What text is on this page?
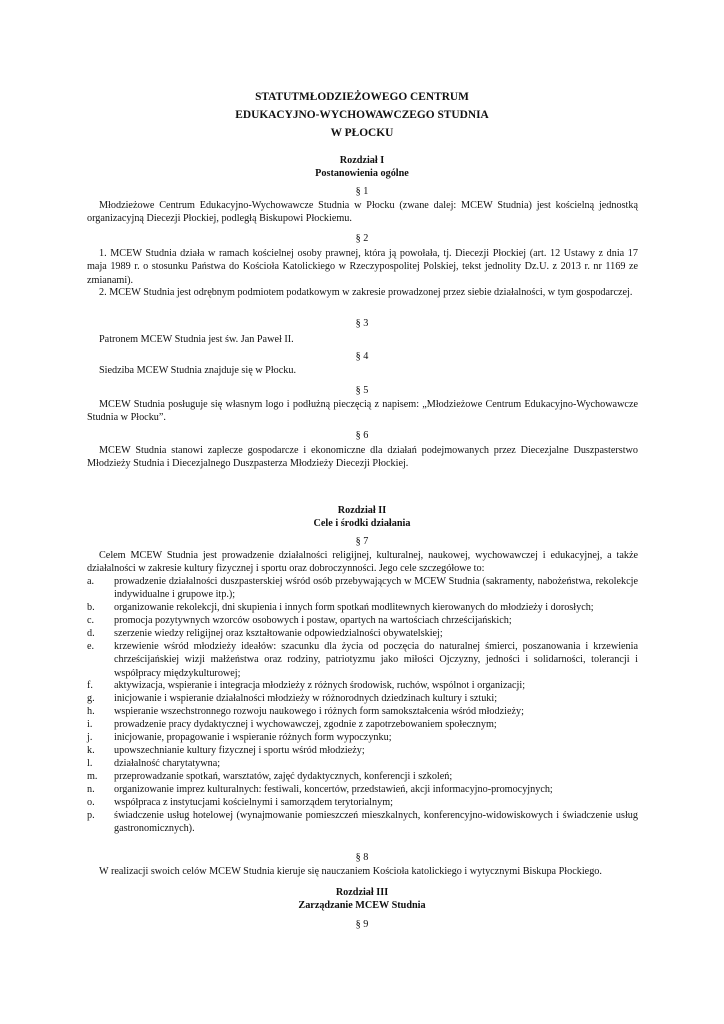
STATUTMŁODZIEŻOWEGO CENTRUM
EDUKACYJNO-WYCHOWAWCZEGO STUDNIA
W PŁOCKU
Rozdział I
Postanowienia ogólne
§ 1
Młodzieżowe Centrum Edukacyjno-Wychowawcze Studnia w Płocku (zwane dalej: MCEW Studnia) jest kościelną jednostką organizacyjną Diecezji Płockiej, podległą Biskupowi Płockiemu.
§ 2
1. MCEW Studnia działa w ramach kościelnej osoby prawnej, która ją powołała, tj. Diecezji Płockiej (art. 12 Ustawy z dnia 17 maja 1989 r. o stosunku Państwa do Kościoła Katolickiego w Rzeczypospolitej Polskiej, tekst jednolity Dz.U. z 2013 r. nr 1169 ze zmianami).
2. MCEW Studnia jest odrębnym podmiotem podatkowym w zakresie prowadzonej przez siebie działalności, w tym gospodarczej.
§ 3
Patronem MCEW Studnia jest św. Jan Paweł II.
§ 4
Siedziba MCEW Studnia znajduje się w Płocku.
§ 5
MCEW Studnia posługuje się własnym logo i podłużną pieczęcią z napisem: „Młodzieżowe Centrum Edukacyjno-Wychowawcze Studnia w Płocku”.
§ 6
MCEW Studnia stanowi zaplecze gospodarcze i ekonomiczne dla działań podejmowanych przez Diecezjalne Duszpasterstwo Młodzieży Studnia i Diecezjalnego Duszpasterza Młodzieży Diecezji Płockiej.
Rozdział II
Cele i środki działania
§ 7
Celem MCEW Studnia jest prowadzenie działalności religijnej, kulturalnej, naukowej, wychowawczej i edukacyjnej, a także działalności w zakresie kultury fizycznej i sportu oraz dobroczynności. Jego cele szczegółowe to:
a.	prowadzenie działalności duszpasterskiej wśród osób przebywających w MCEW Studnia (sakramenty, nabożeństwa, rekolekcje indywidualne i grupowe itp.);
b.	organizowanie rekolekcji, dni skupienia i innych form spotkań modlitewnych kierowanych do młodzieży i dorosłych;
c.	promocja pozytywnych wzorców osobowych i postaw, opartych na wartościach chrześcijańskich;
d.	szerzenie wiedzy religijnej oraz kształtowanie odpowiedzialności obywatelskiej;
e.	krzewienie wśród młodzieży ideałów: szacunku dla życia od poczęcia do naturalnej śmierci, poszanowania i krzewienia chrześcijańskiej wizji małżeństwa oraz rodziny, patriotyzmu jako miłości Ojczyzny, jedności i solidarności, tolerancji i współpracy międzykulturowej;
f.	aktywizacja, wspieranie i integracja młodzieży z różnych środowisk, ruchów, wspólnot i organizacji;
g.	inicjowanie i wspieranie działalności młodzieży w różnorodnych dziedzinach kultury i sztuki;
h.	wspieranie wszechstronnego rozwoju naukowego i różnych form samokształcenia wśród młodzieży;
i.	prowadzenie pracy dydaktycznej i wychowawczej, zgodnie z zapotrzebowaniem społecznym;
j.	inicjowanie, propagowanie i wspieranie różnych form wypoczynku;
k.	upowszechnianie kultury fizycznej i sportu wśród młodzieży;
l.	działalność charytatywna;
m.	przeprowadzanie spotkań, warsztatów, zajęć dydaktycznych, konferencji i szkoleń;
n.	organizowanie imprez kulturalnych: festiwali, koncertów, przedstawień, akcji informacyjno-promocyjnych;
o.	współpraca z instytucjami kościelnymi i samorządem terytorialnym;
p.	świadczenie usług hotelowej (wynajmowanie pomieszczeń mieszkalnych, konferencyjno-widowiskowych i świadczenie usług gastronomicznych).
§ 8
W realizacji swoich celów MCEW Studnia kieruje się nauczaniem Kościoła katolickiego i wytycznymi Biskupa Płockiego.
Rozdział III
Zarządzanie MCEW Studnia
§ 9
